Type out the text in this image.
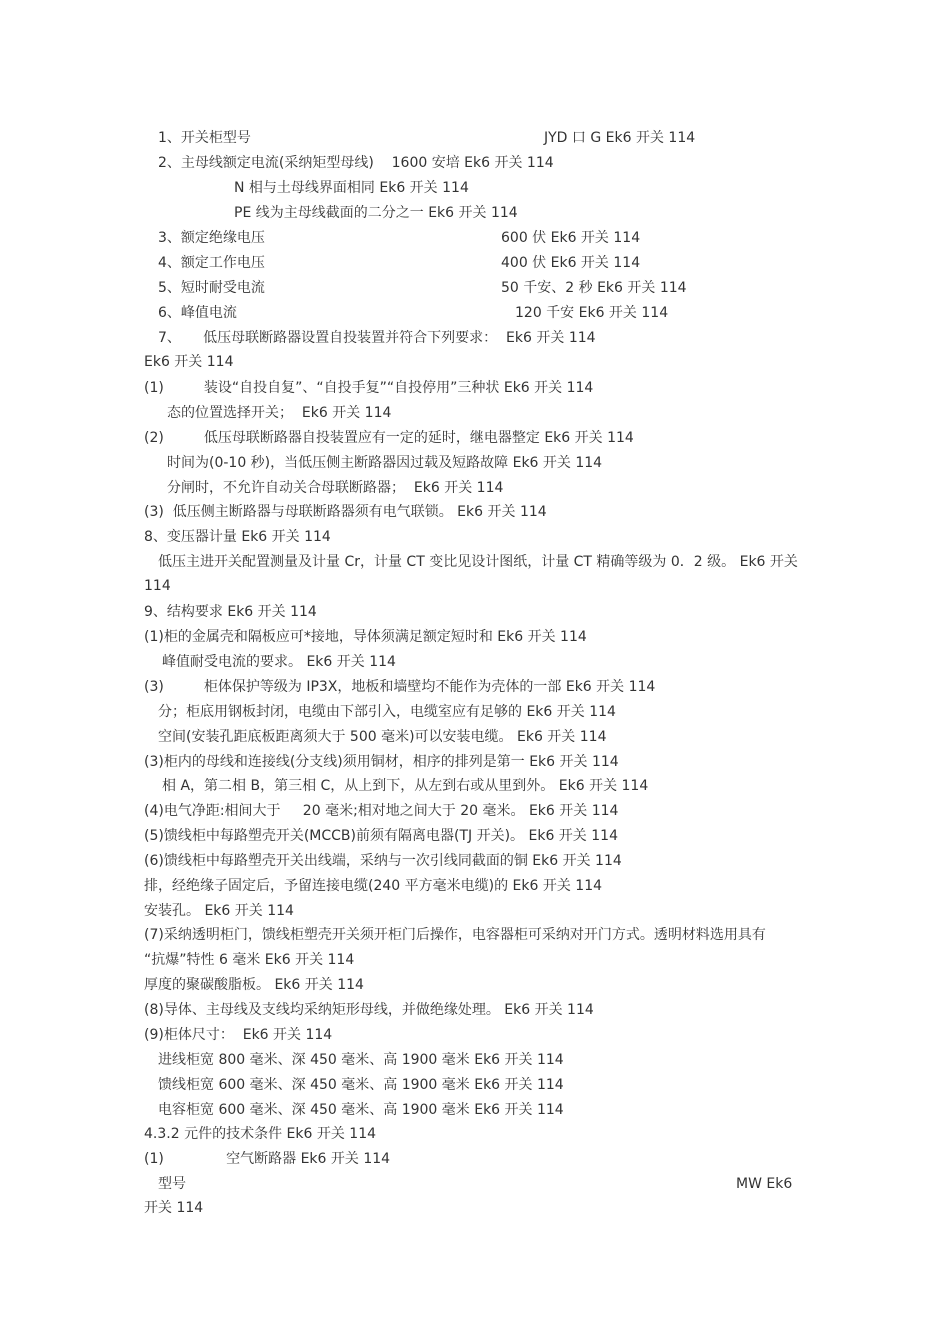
1、开关柜型号	JYD 口 G Ek6 开关 114
2、主母线额定电流(采纳矩型母线)    1600 安培 Ek6 开关 114
N 相与土母线界面相同 Ek6 开关 114
PE 线为主母线截面的二分之一 Ek6 开关 114
3、额定绝缘电压	600 伏 Ek6 开关 114
4、额定工作电压	400 伏 Ek6 开关 114
5、短时耐受电流	50 千安、2 秒 Ek6 开关 114
6、峰值电流	120 千安 Ek6 开关 114
7、     低压母联断路器设置自投装置并符合下列要求：  Ek6 开关 114
Ek6 开关 114
(1)         装设“自投自复”、“自投手复”“自投停用”三种状 Ek6 开关 114
态的位置选择开关；  Ek6 开关 114
(2)         低压母联断路器自投装置应有一定的延时，继电器整定 Ek6 开关 114
时间为(0-10 秒)，当低压侧主断路器因过载及短路故障 Ek6 开关 114
分闸时，不允许自动关合母联断路器；  Ek6 开关 114
(3)  低压侧主断路器与母联断路器须有电气联锁。 Ek6 开关 114
8、变压器计量 Ek6 开关 114
低压主进开关配置测量及计量 Cr，计量 CT 变比见设计图纸，计量 CT 精确等级为 0．2 级。 Ek6 开关
114
9、结构要求 Ek6 开关 114
(1)柜的金属壳和隔板应可*接地，导体须满足额定短时和 Ek6 开关 114
峰值耐受电流的要求。 Ek6 开关 114
(3)         柜体保护等级为 IP3X，地板和墙壁均不能作为壳体的一部 Ek6 开关 114
分；柜底用钢板封闭，电缆由下部引入，电缆室应有足够的 Ek6 开关 114
空间(安装孔距底板距离须大于 500 毫米)可以安装电缆。 Ek6 开关 114
(3)柜内的母线和连接线(分支线)须用铜材，相序的排列是第一 Ek6 开关 114
相 A，第二相 B，第三相 C，从上到下，从左到右或从里到外。 Ek6 开关 114
(4)电气净距:相间大于     20 毫米;相对地之间大于 20 毫米。 Ek6 开关 114
(5)馈线柜中每路塑壳开关(MCCB)前须有隔离电器(TJ 开关)。 Ek6 开关 114
(6)馈线柜中每路塑壳开关出线端，采纳与一次引线同截面的铜 Ek6 开关 114
排，经绝缘子固定后，予留连接电缆(240 平方毫米电缆)的 Ek6 开关 114
安装孔。 Ek6 开关 114
(7)采纳透明柜门，馈线柜塑壳开关须开柜门后操作，电容器柜可采纳对开门方式。透明材料选用具有
“抗爆”特性 6 毫米 Ek6 开关 114
厚度的聚碳酸脂板。 Ek6 开关 114
(8)导体、主母线及支线均采纳矩形母线，并做绝缘处理。 Ek6 开关 114
(9)柜体尺寸：  Ek6 开关 114
进线柜宽 800 毫米、深 450 毫米、高 1900 毫米 Ek6 开关 114
馈线柜宽 600 毫米、深 450 毫米、高 1900 毫米 Ek6 开关 114
电容柜宽 600 毫米、深 450 毫米、高 1900 毫米 Ek6 开关 114
4.3.2 元件的技术条件 Ek6 开关 114
(1)              空气断路器 Ek6 开关 114
型号	MW Ek6
开关 114
